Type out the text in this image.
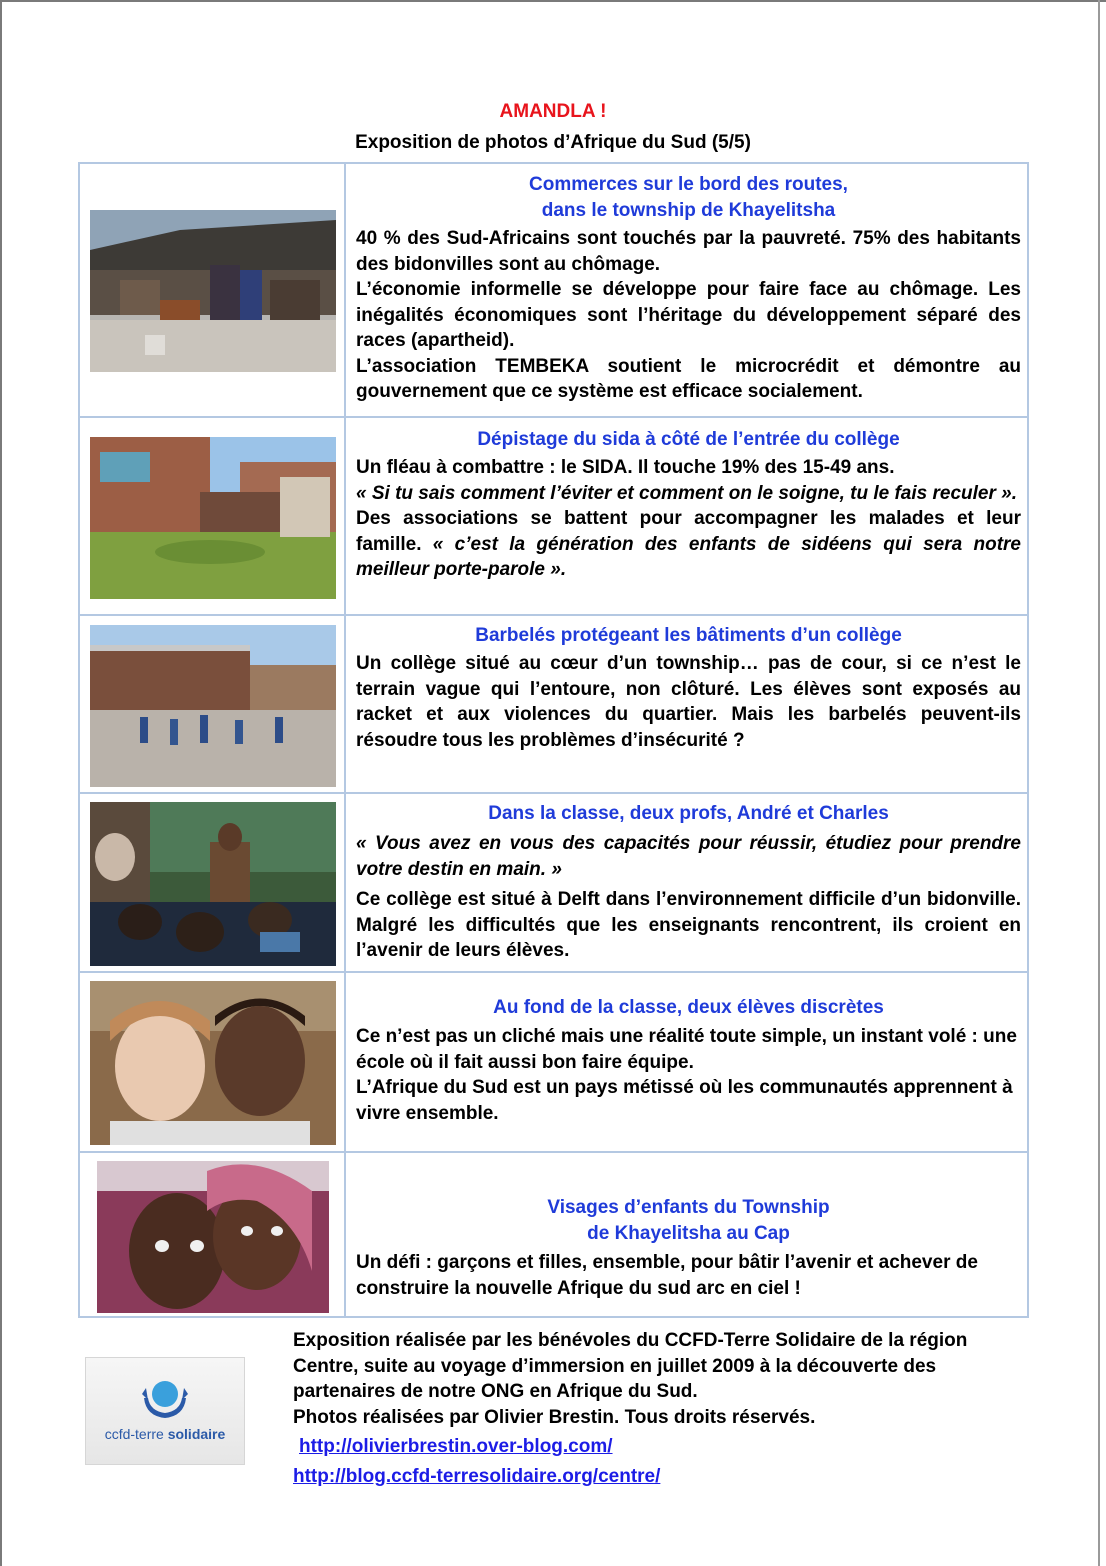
AMANDLA !
Exposition de photos d’Afrique du Sud (5/5)
Commerces sur le bord des routes,
dans le township de Khayelitsha

40 % des Sud-Africains sont touchés par la pauvreté. 75% des habitants des bidonvilles sont au chômage.

L’économie informelle se développe pour faire face au chômage. Les inégalités économiques sont l’héritage du développement séparé des races (apartheid).

L’association TEMBEKA soutient le microcrédit et démontre au gouvernement que ce système est efficace socialement.

Dépistage du sida à côté de l’entrée du collège

Un fléau à combattre : le SIDA. Il touche 19% des 15-49 ans.

« Si tu sais comment l’éviter et comment on le soigne, tu le fais reculer ».

Des associations se battent pour accompagner les malades et leur famille. « c’est la génération des enfants de sidéens qui sera notre meilleur porte-parole ».

Barbelés protégeant les bâtiments d’un collège

Un collège situé au cœur d’un township… pas de cour, si ce n’est le terrain vague qui l’entoure, non clôturé. Les élèves sont exposés au racket et aux violences du quartier. Mais les barbelés peuvent-ils résoudre tous les problèmes d’insécurité ?

Dans la classe, deux profs, André et Charles

« Vous avez en vous des capacités pour réussir, étudiez pour prendre votre destin en main. »

Ce collège est situé à Delft dans l’environnement difficile d’un bidonville. Malgré les difficultés que les enseignants rencontrent, ils croient en l’avenir de leurs élèves.

Au fond de la classe, deux élèves discrètes

Ce n’est pas un cliché mais une réalité toute simple, un instant volé : une école où il fait aussi bon faire équipe.

L’Afrique du Sud est un pays métissé où les communautés apprennent à vivre ensemble.

Visages d’enfants du Township
de Khayelitsha au Cap

Un défi : garçons et filles, ensemble, pour bâtir l’avenir et achever de construire la nouvelle Afrique du sud arc en ciel !

ccfd-terre solidaire

Exposition réalisée par les bénévoles du CCFD-Terre Solidaire de la région Centre, suite au voyage d’immersion en juillet 2009 à la découverte des partenaires de notre ONG en Afrique du Sud.

Photos réalisées par Olivier Brestin. Tous droits réservés.

http://olivierbrestin.over-blog.com/

http://blog.ccfd-terresolidaire.org/centre/
